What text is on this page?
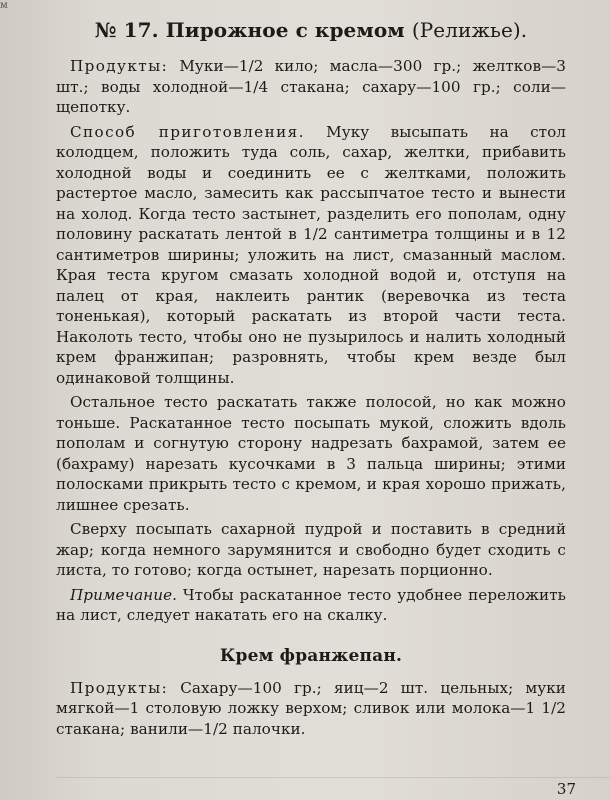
м
№ 17. Пирожное с кремом (Релижье).

Продукты: Муки—1/2 кило; масла—300 гр.; желтков—3 шт.; воды холодной—1/4 стакана; сахару—100 гр.; соли—щепотку.

Способ приготовления. Муку высыпать на стол колодцем, положить туда соль, сахар, желтки, прибавить холодной воды и соединить ее с желтками, положить растертое масло, замесить как рассыпчатое тесто и вынести на холод. Когда тесто застынет, разделить его пополам, одну половину раскатать лентой в 1/2 сантиметра толщины и в 12 сантиметров ширины; уложить на лист, смазанный маслом. Края теста кругом смазать холодной водой и, отступя на палец от края, наклеить рантик (веревочка из теста тоненькая), который раскатать из второй части теста. Наколоть тесто, чтобы оно не пузырилось и налить холодный крем франжипан; разровнять, чтобы крем везде был одинаковой толщины.

Остальное тесто раскатать также полосой, но как можно тоньше. Раскатанное тесто посыпать мукой, сложить вдоль пополам и согнутую сторону надрезать бахрамой, затем ее (бахраму) нарезать кусочками в 3 пальца ширины; этими полосками прикрыть тесто с кремом, и края хорошо прижать, лишнее срезать.

Сверху посыпать сахарной пудрой и поставить в средний жар; когда немного зарумянится и свободно будет сходить с листа, то готово; когда остынет, нарезать порционно.

Примечание. Чтобы раскатанное тесто удобнее переложить на лист, следует накатать его на скалку.

Крем франжепан.

Продукты: Сахару—100 гр.; яиц—2 шт. цельных; муки мягкой—1 столовую ложку верхом; сливок или молока—1 1/2 стакана; ванили—1/2 палочки.

37
